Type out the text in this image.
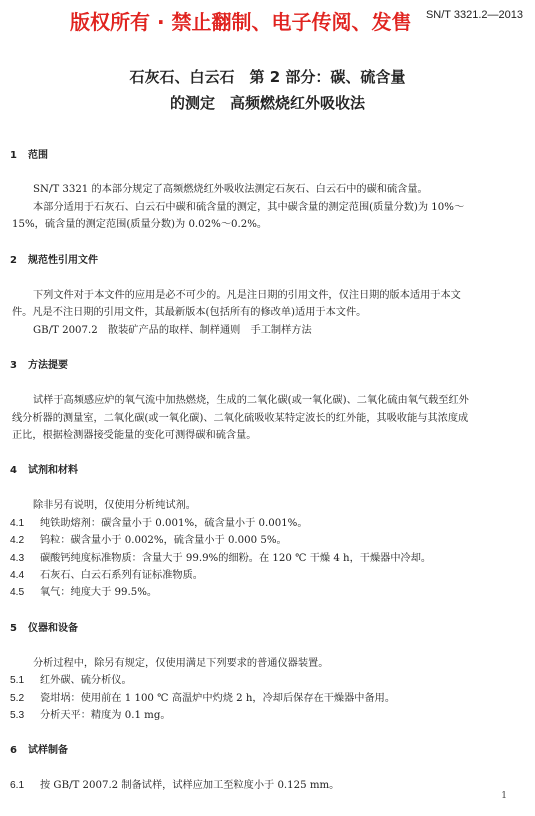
版权所有 · 禁止翻制、电子传阅、发售 SN/T 3321.2—2013
石灰石、白云石　第 2 部分：碳、硫含量
的测定　高频燃烧红外吸收法
1 范围
SN/T 3321 的本部分规定了高频燃烧红外吸收法测定石灰石、白云石中的碳和硫含量。
本部分适用于石灰石、白云石中碳和硫含量的测定，其中碳含量的测定范围(质量分数)为 10%～
15%，硫含量的测定范围(质量分数)为 0.02%～0.2%。
2 规范性引用文件
下列文件对于本文件的应用是必不可少的。凡是注日期的引用文件，仅注日期的版本适用于本文
件。凡是不注日期的引用文件，其最新版本(包括所有的修改单)适用于本文件。
GB/T 2007.2　散装矿产品的取样、制样通则　手工制样方法
3 方法提要
试样于高频感应炉的氧气流中加热燃烧，生成的二氧化碳(或一氧化碳)、二氧化硫由氧气载至红外
线分析器的测量室，二氧化碳(或一氧化碳)、二氧化硫吸收某特定波长的红外能，其吸收能与其浓度成
正比，根据检测器接受能量的变化可测得碳和硫含量。
4 试剂和材料
除非另有说明，仅使用分析纯试剂。
4.1 纯铁助熔剂：碳含量小于 0.001%，硫含量小于 0.001%。
4.2 钨粒：碳含量小于 0.002%，硫含量小于 0.000 5%。
4.3 碳酸钙纯度标准物质：含量大于 99.9%的细粉。在 120 ℃ 干燥 4 h，干燥器中冷却。
4.4 石灰石、白云石系列有证标准物质。
4.5 氧气：纯度大于 99.5%。
5 仪器和设备
分析过程中，除另有规定，仅使用满足下列要求的普通仪器装置。
5.1 红外碳、硫分析仪。
5.2 瓷坩埚：使用前在 1 100 ℃ 高温炉中灼烧 2 h，冷却后保存在干燥器中备用。
5.3 分析天平：精度为 0.1 mg。
6 试样制备
6.1 按 GB/T 2007.2 制备试样，试样应加工至粒度小于 0.125 mm。
1
